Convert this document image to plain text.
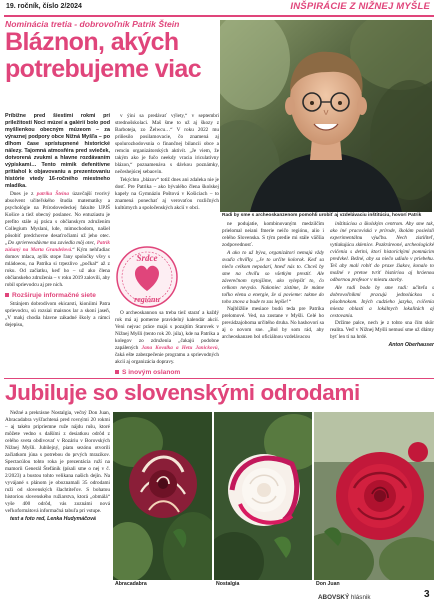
19. ročník, číslo 2/2024	INŠPIRÁCIE Z NIŽNEJ MYŠLE
Nominácia tretia - dobrovoľník Patrik Štein
Bláznon, akých potrebujeme viac

Príbižne pred šiestimi rokmi prí priležitosti Noci múzeí a galérií bolo pod myšlienkou obecným múzeom – za výraznej podpory obce Nižná Myšľa – po dlhom čase sprístupnené historické nálezy. Tajomná atmosféra pred svieček, dotvorená zvukmi a hlavne rozdávaním výpiskami… Tento mimik defenitívne pritiahol k objavovaniu a prezentovaniu histórie vtedy 16-ročného miestneho mladíka.

Dnes je z patrika Šteina úzavčajší tvorivý absolvent učiteľského študia matematiky a psychológie na Prírodovedeckej fakulte UPJŠ Košice a tiež obecný poslanec. No entuziastu je prefito stále aj práca s občianskym združením Collegium Myslani, kde, mimochodom, našiel pôsobiť predchovne desaťročiami už jeho otec. „Do spriereeodúvme ma zaviedla môj otec, Patrik zúňaný na Marta Grandelová.“ Kým nehľadiac domov mlaca, aylik stope ľany spoločky všvy s mládoeou, na Patrika si trpezlivo „počkal“ až z roku. Od začiatku, keď ho – už ako člena občianskeho združenia – v roku 2019 zalovili, aby robil sprievodcu aj pre nich.

Rozširuje informačné siete

Stránjem dobrodívom ekicarsti, kioniimi Patra sprievodcu, sú rozsiai maisnos lar a skoní jaseň, „V makj chodia hlavne zákadné školy a rámci dejepisu,

v ýini sa predávať výlety,“ v septembri strednošskolaci. Maš šme to už aj škozy z Barboteja, zo Želwcu…“ V roku 2022 mu priňesilo posilamovacie, čo znamená aj spolurozhodovsnia o finančnej bilancii obce a remcin organizátorských aktivít. „Je viem, že takým ako je fučo neekdy vracia iriculatívny blázon,“ poznamenáva s dávkou poznámky, nečeshejúcej sebaovin.

Tekýchto „blázov“ totiž dnes ani zdaleka nie je dosť. Pre Patrika – ako bývalého člena školskej kapely na Gymnáziu Poštová v Košiciach – to znamená ponechať aj verovaťou rozličných kultúrnych a spoločenských akcií v obci.

Srdce
regiónu

O archeoskannon sa treba tiež starať a každý rok má aj pomerne pravidelný kalendár akcií. Veni nejvac práce majú s pozajtím Starovek v Nižnej Myšli (tento rok 20. júla), kde na Patrika a kolegov zo združenia „čakajú podobne zapálených Jana Kovalka a Hetu Janickovú, čaká ešte zabezpečenie programu a sprievodných akcií aj organizácia dopravy.

S inovým oslanom

Radi by sme s archeoskanzenom pomohli urobiť aj vzdelávaciu inštitúciu, hovorí Patrik

ne podujatie, kombinovaným medzilčím prielomal neiani fmerie neičo regiónu, aiio i celého Slovenska. S tým predie mi stále väčšia zodpovednosť.

A ako to už býva, organizátori nemajú vždy svaďa chvíľky. „Je to určite kolorok. Keď sa niečo celkom nepodarí, hneď nás to. Chceš by sme na chvíľu so všetkým prestiť. Ale záverečnom nytojšime, ako vylepšiť to, čo celkom nevyslo. Nakoniec zistíme, že máme toľko elenu a energie, že si povieme: takme do toho znova a bude to zas lepšie!“

Najbližšie mesiace budú teda pre Patrika prelomové. Ved, na zostane v Myšli. Celé ho prevádzajoboma určitého druha. No hashovorí sa aj o novom sne. „Bol by som rád, aby archeoskanzen bol oficiálnou vzdelávacou

inštitúciou a školským centrom. Aby sme tak, ako iné pracoviská v prírode, školám posielali experimentálnu výučbu. Nech zistiliteľ, vytlakujúcu sklenice. Pozkráreoné, archeologické cvičenia s deťmi, ktorí historickými pomnúcim predvkel. Bežné, aby sa niečo udialo v priebehu. Teš aby mali robiť do praxe žiakov, konalo to možné v pretoe tvriť históriou aj hráenou odbornou profesor v miestu stavby.

Ale radi bodo by sme radi: učiteľa s dobrovoľníkmi pracujú jednolúckou s pôsobnokom. Iných cudzieho jazyka, cvičenia miesta oblasti a lokálnych lokalitách aj cestovania.

Držíme palce, nech je z tohto sna čím skôr realita. Veď v Nižnej Myšli nemusí sme už dlámy byť len tí na hrdé.

Anton Oberhauser

Jubiluje so slovenskými odrodami

Nežné a prekrásne Nostalgia, večný Don Juan, Abracadabra vyšľachtená pred rovnými 20 rokmi – aj takéto pripriemne ruže nájdu rušu, ktoré môžete vedno s dalšími z desiatkou odrôd z celého sveta obdivovať v Rozáriu v Borovských Nižnej Myšli. Jubilejný, piatu sezónu otvorili začiatkom júna s potrebou do prvých mrazikov. Spectacúlou tohto roka je prezentácia ruží na mamorii Generál Štefánik (písali sme o nej v č. 2/2023) a bustou tohto velikana našich dejín. Na vyvájané s plánom je oboznamali 35 odrodami ruži od slovenských šlachtiteľov. S bohatou historiou slovenského ružiarstva, ktorá „obmálá“ vyše 400 odrôd, vás zoznámi nová veľkoformátová informačná tabuľa pri vstupe.

text a foto red, Lenka Hudymáčová

Abracadabra	Nostalgia	Don Juan
ABOVSKÝ hlásnik	3
